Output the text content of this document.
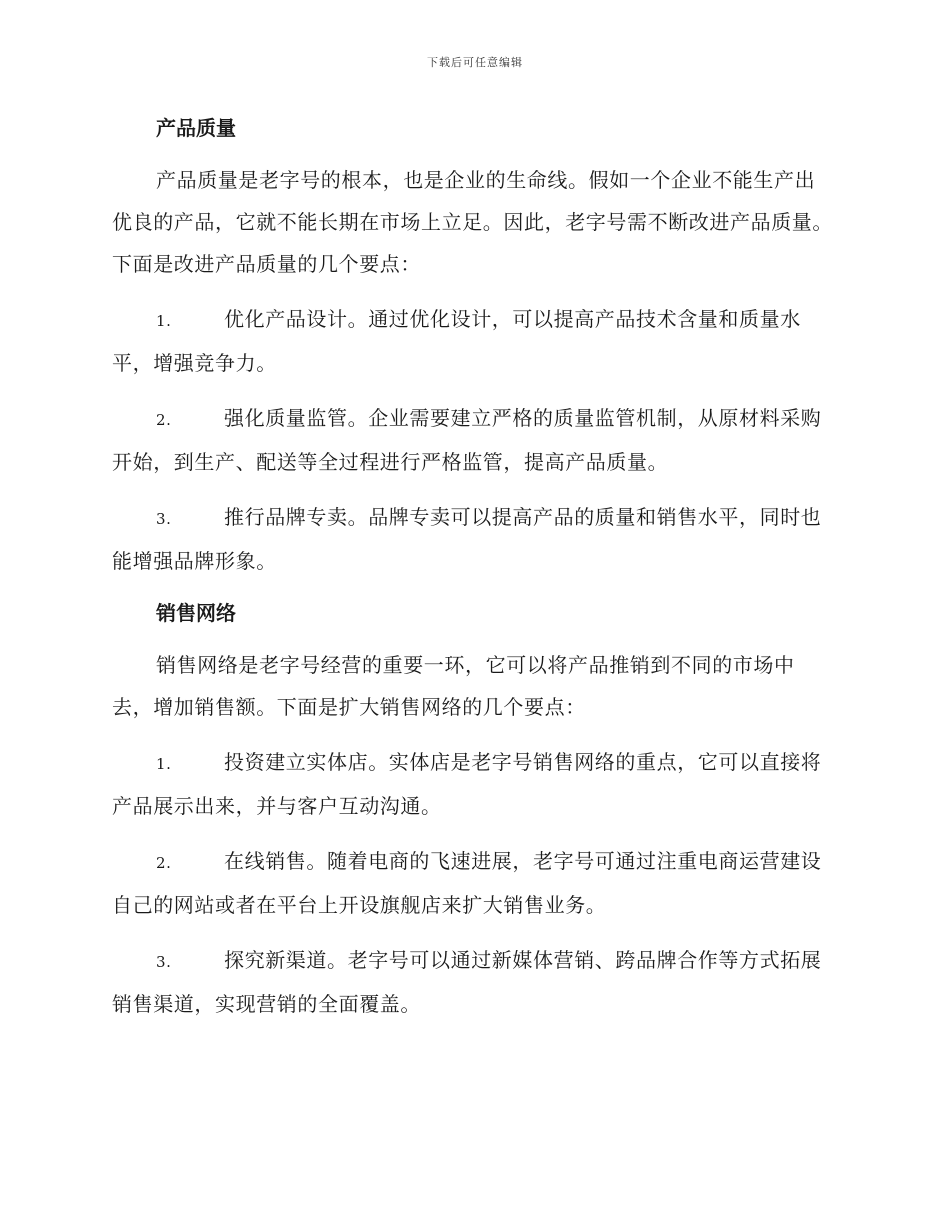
下载后可任意编辑
产品质量

产品质量是老字号的根本，也是企业的生命线。假如一个企业不能生产出优良的产品，它就不能长期在市场上立足。因此，老字号需不断改进产品质量。下面是改进产品质量的几个要点：

1.	优化产品设计。通过优化设计，可以提高产品技术含量和质量水平，增强竞争力。
2.	强化质量监管。企业需要建立严格的质量监管机制，从原材料采购开始，到生产、配送等全过程进行严格监管，提高产品质量。
3.	推行品牌专卖。品牌专卖可以提高产品的质量和销售水平，同时也能增强品牌形象。
销售网络

销售网络是老字号经营的重要一环，它可以将产品推销到不同的市场中去，增加销售额。下面是扩大销售网络的几个要点：

1.	投资建立实体店。实体店是老字号销售网络的重点，它可以直接将产品展示出来，并与客户互动沟通。
2.	在线销售。随着电商的飞速进展，老字号可通过注重电商运营建设自己的网站或者在平台上开设旗舰店来扩大销售业务。
3.	探究新渠道。老字号可以通过新媒体营销、跨品牌合作等方式拓展销售渠道，实现营销的全面覆盖。
